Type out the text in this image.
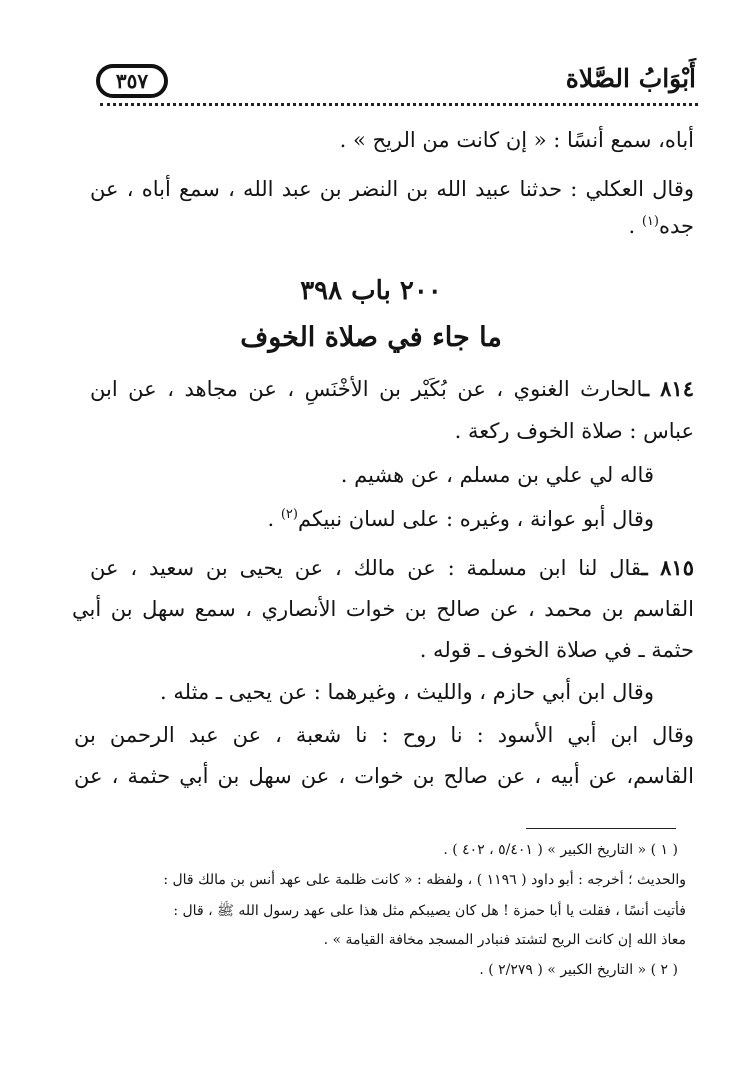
أَبْوَابُ الصَّلاة
٣٥٧
أباه، سمع أنسًا : « إن كانت من الريح » .
وقال العكلي : حدثنا عبيد الله بن النضر بن عبد الله ، سمع أباه ، عن
جده$^{(١)}$ .
٢٠٠ باب ٣٩٨
ما جاء في صلاة الخوف
٨١٤ ـالحارث الغنوي ، عن بُكَيْر بن الأخْنَسِ ، عن مجاهد ، عن ابن
عباس : صلاة الخوف ركعة .
قاله لي علي بن مسلم ، عن هشيم .
وقال أبو عوانة ، وغيره : على لسان نبيكم$^{(٢)}$ .
٨١٥ ـقال لنا ابن مسلمة : عن مالك ، عن يحيى بن سعيد ، عن
القاسم بن محمد ، عن صالح بن خوات الأنصاري ، سمع سهل بن أبي
حثمة ـ في صلاة الخوف ـ قوله .
وقال ابن أبي حازم ، والليث ، وغيرهما : عن يحيى ـ مثله .
وقال ابن أبي الأسود : نا روح : نا شعبة ، عن عبد الرحمن بن
القاسم، عن أبيه ، عن صالح بن خوات ، عن سهل بن أبي حثمة ، عن
( ١ ) « التاريخ الكبير » ( ٥/٤٠١ ، ٤٠٢ ) .
والحديث ؛ أخرجه : أبو داود ( ١١٩٦ ) ، ولفظه : « كانت ظلمة على عهد أنس بن مالك قال :
فأتيت أنسًا ، فقلت يا أبا حمزة ! هل كان يصيبكم مثل هذا على عهد رسول الله ﷺ ، قال :
معاذ الله إن كانت الريح لتشتد فنبادر المسجد مخافة القيامة » .
( ٢ ) « التاريخ الكبير » ( ٢/٢٧٩ ) .
